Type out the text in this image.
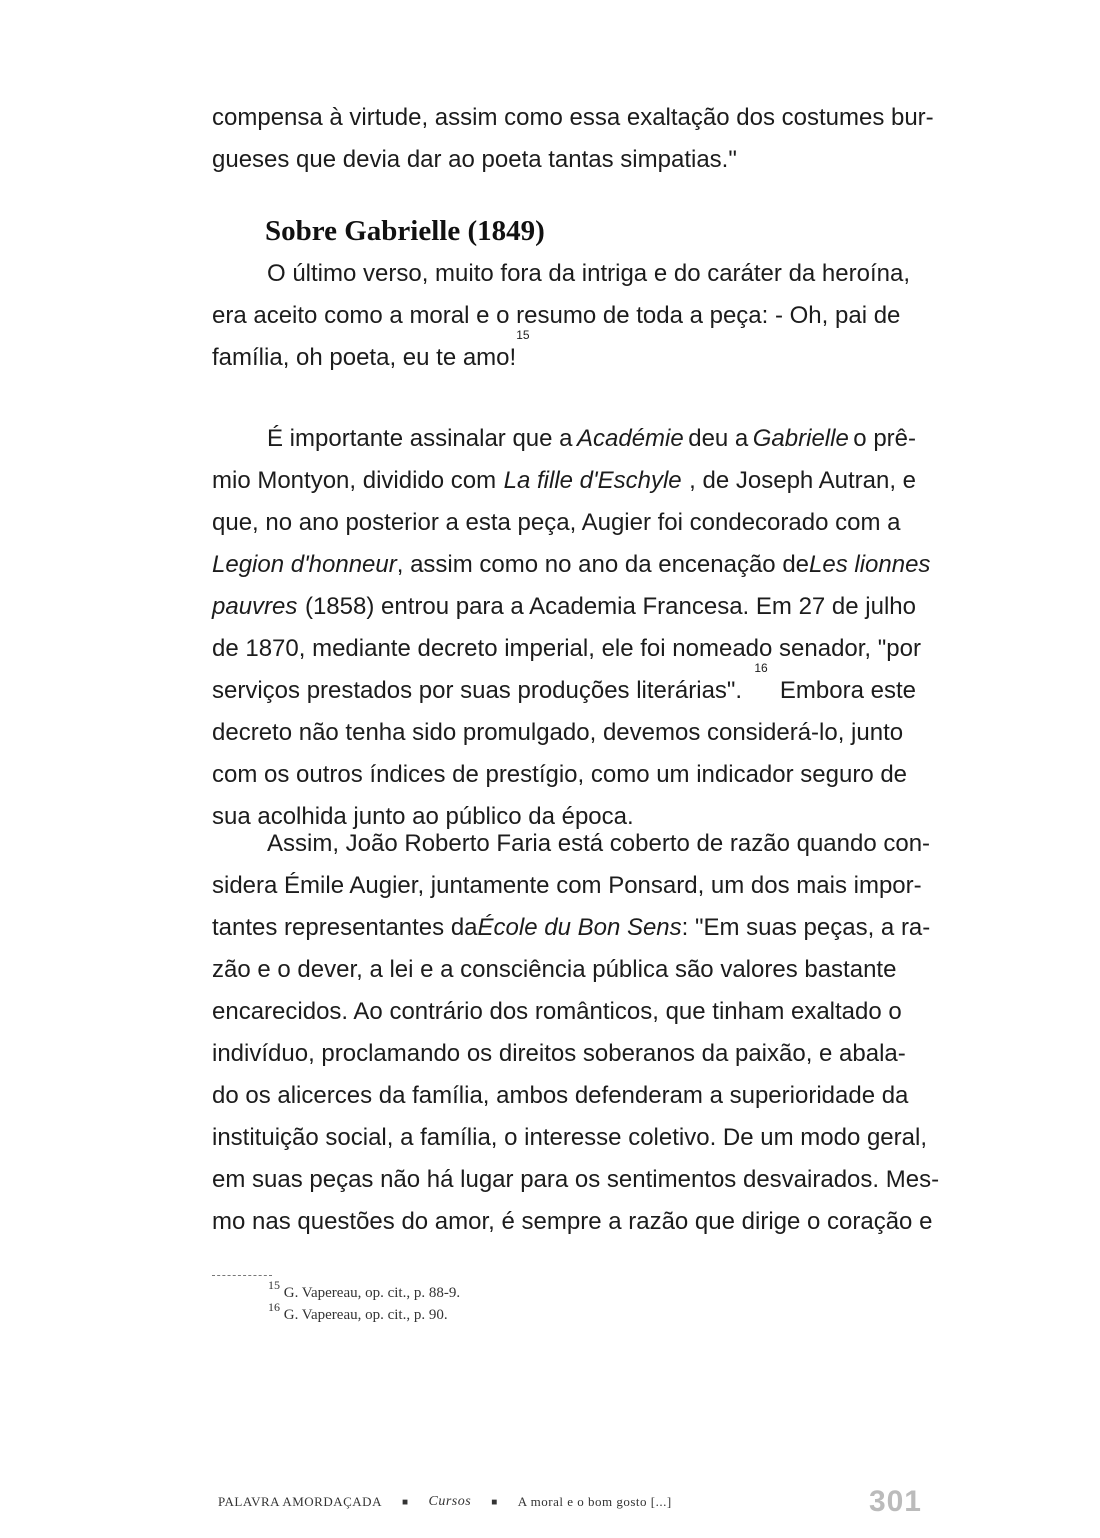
compensa à virtude, assim como essa exaltação dos costumes bur-
gueses que devia dar ao poeta tantas simpatias."
Sobre Gabrielle (1849)
O último verso, muito fora da intriga e do caráter da heroína,
era aceito como a moral e o resumo de toda a peça: - Oh, pai de
família, oh poeta, eu te amo!
$^{15}$
É importante assinalar que a Académie deu a Gabrielle o prê-
mio Montyon, dividido com La fille d'Eschyle , de Joseph Autran, e
que, no ano posterior a esta peça, Augier foi condecorado com a
Legion d'honneur , assim como no ano da encenação de Les lionnes
pauvres (1858) entrou para a Academia Francesa. Em 27 de julho
de 1870, mediante decreto imperial, ele foi nomeado senador, "por
serviços prestados por suas produções literárias".
$^{16}$
Embora este
decreto não tenha sido promulgado, devemos considerá-lo, junto
com os outros índices de prestígio, como um indicador seguro de
sua acolhida junto ao público da época.
Assim, João Roberto Faria está coberto de razão quando con-
sidera Émile Augier, juntamente com Ponsard, um dos mais impor-
tantes representantes da École du Bon Sens : "Em suas peças, a ra-
zão e o dever, a lei e a consciência pública são valores bastante
encarecidos. Ao contrário dos românticos, que tinham exaltado o
indivíduo, proclamando os direitos soberanos da paixão, e abala-
do os alicerces da família, ambos defenderam a superioridade da
instituição social, a família, o interesse coletivo. De um modo geral,
em suas peças não há lugar para os sentimentos desvairados. Mes-
mo nas questões do amor, é sempre a razão que dirige o coração e
$^{15}$ G. Vapereau, op. cit., p. 88-9.
$^{16}$ G. Vapereau, op. cit., p. 90.
PALAVRA AMORDAÇADA ■ Cursos ■ A moral e o bom gosto [...]	301
